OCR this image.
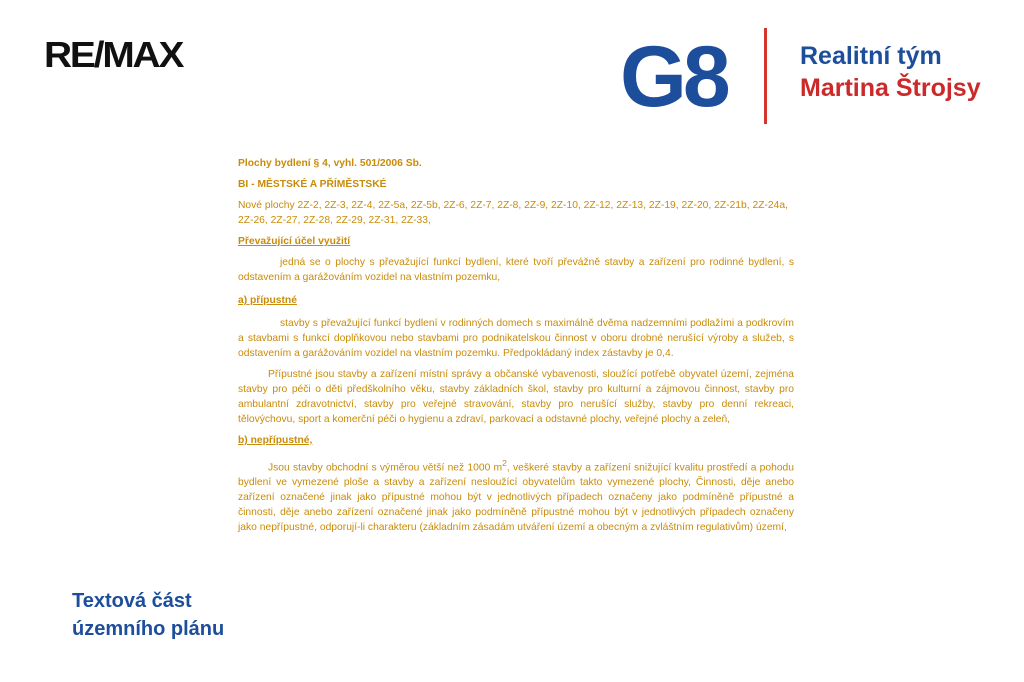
RE/MAX	G8	Realitní tým
Martina Štrojsy

Plochy bydlení § 4, vyhl. 501/2006 Sb.

BI - MĚSTSKÉ A PŘÍMĚSTSKÉ

Nové plochy 2Z-2, 2Z-3, 2Z-4, 2Z-5a, 2Z-5b, 2Z-6, 2Z-7, 2Z-8, 2Z-9, 2Z-10, 2Z-12, 2Z-13, 2Z-19, 2Z-20, 2Z-21b, 2Z-24a, 2Z-26, 2Z-27, 2Z-28, 2Z-29, 2Z-31, 2Z-33,

Převažující účel využití

jedná se o plochy s převažující funkcí bydlení, které tvoří převážně stavby a zařízení pro rodinné bydlení, s odstavením a garážováním vozidel na vlastním pozemku,

a) přípustné

stavby s převažující funkcí bydlení v rodinných domech s maximálně dvěma nadzemními podlažími a podkrovím a stavbami s funkcí doplňkovou nebo stavbami pro podnikatelskou činnost v oboru drobné nerušící výroby a služeb, s odstavením a garážováním vozidel na vlastním pozemku. Předpokládaný index zástavby je 0,4.

Přípustné jsou stavby a zařízení místní správy a občanské vybavenosti, sloužící potřebě obyvatel území, zejména stavby pro péči o děti předškolního věku, stavby základních škol, stavby pro kulturní a zájmovou činnost, stavby pro ambulantní zdravotnictví, stavby pro veřejné stravování, stavby pro nerušící služby, stavby pro denní rekreaci, tělovýchovu, sport a komerční péči o hygienu a zdraví, parkovací a odstavné plochy, veřejné plochy a zeleň,

b) nepřípustné,

Jsou stavby obchodní s výměrou větší než 1000 $m^2$, veškeré stavby a zařízení snižující kvalitu prostředí a pohodu bydlení ve vymezené ploše a stavby a zařízení nesloužící obyvatelům takto vymezené plochy, Činnosti, děje anebo zařízení označené jinak jako přípustné mohou být v jednotlivých případech označeny jako podmíněně přípustné a činnosti, děje anebo zařízení označené jinak jako podmíněně přípustné mohou být v jednotlivých případech označeny jako nepřípustné, odporují-li charakteru (základním zásadám utváření území a obecným a zvláštním regulativům) území,

Textová část
územního plánu
